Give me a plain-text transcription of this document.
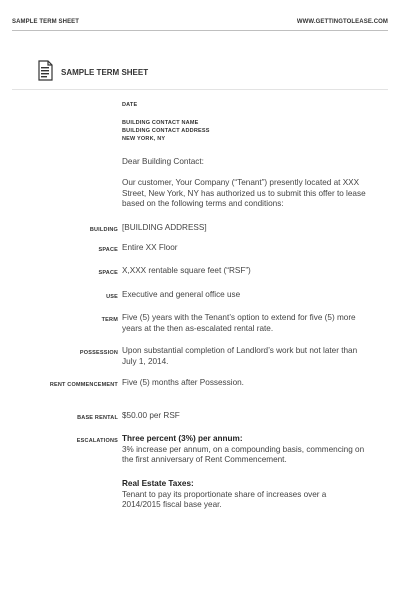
SAMPLE TERM SHEET	WWW.GETTINGTOLEASE.COM
SAMPLE TERM SHEET
DATE
BUILDING CONTACT NAME
BUILDING CONTACT ADDRESS
NEW YORK, NY
Dear Building Contact:
Our customer, Your Company (“Tenant”) presently located at XXX Street, New York, NY has authorized us to submit this offer to lease based on the following terms and conditions:
BUILDING [BUILDING ADDRESS]
SPACE Entire XX Floor
SPACE X,XXX rentable square feet (“RSF”)
USE Executive and general office use
TERM Five (5) years with the Tenant’s option to extend for five (5) more years at the then as-escalated rental rate.
POSSESSION Upon substantial completion of Landlord’s work but not later than July 1, 2014.
RENT COMMENCEMENT Five (5) months after Possession.
BASE RENTAL $50.00 per RSF
ESCALATIONS Three percent (3%) per annum:
3% increase per annum, on a compounding basis, commencing on the first anniversary of Rent Commencement.
Real Estate Taxes:
Tenant to pay its proportionate share of increases over a 2014/2015 fiscal base year.
